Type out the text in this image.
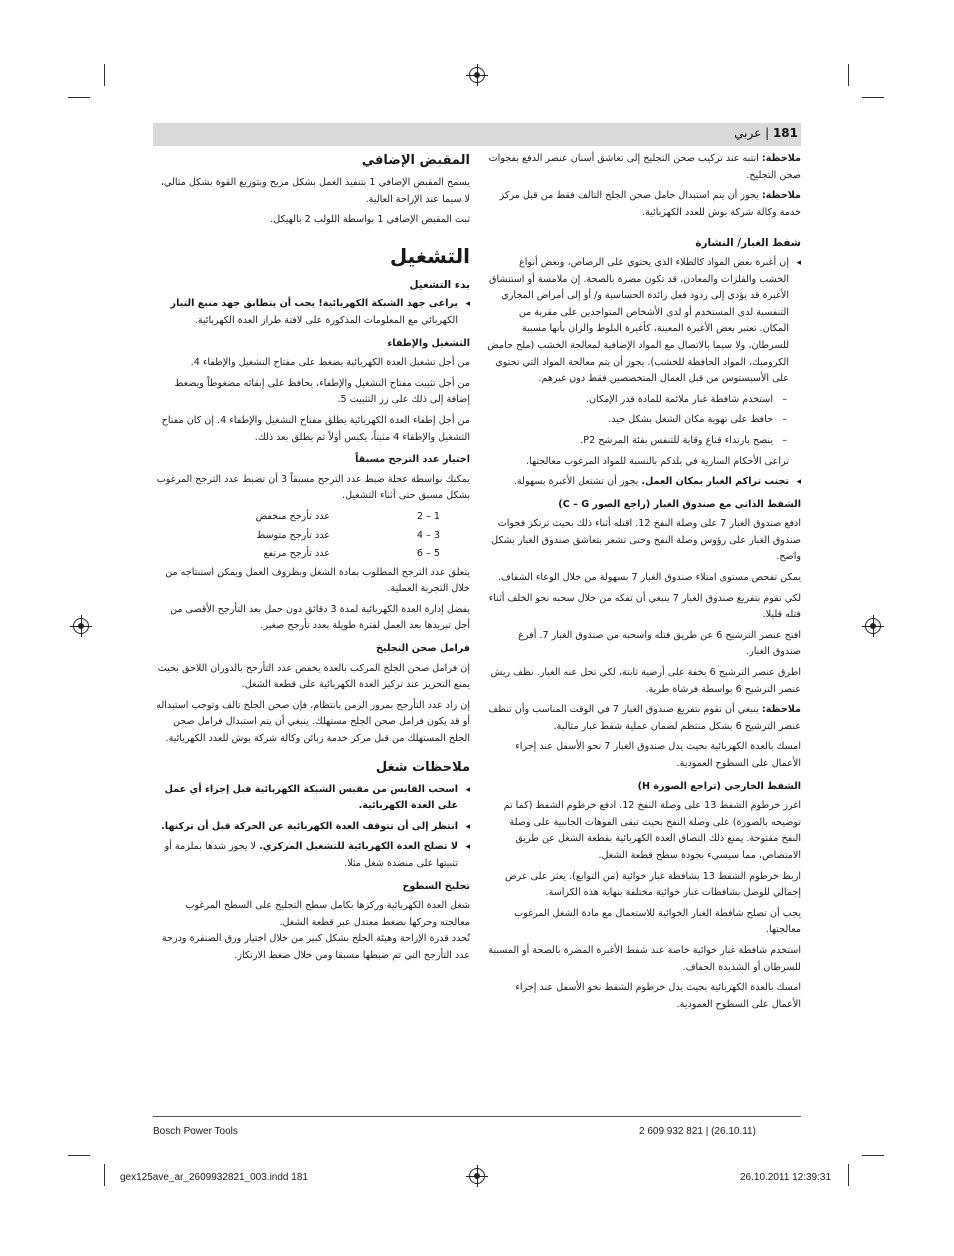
181 | عربي

ملاحظة: انتبه عند تركيب صحن التجليخ إلى تعاشق أسنان عنصر الدفع بفجوات صحن التجليخ.

ملاحظة: يجوز أن يتم استبدال حامل صحن الجلخ التالف فقط من قبل مركز خدمة وكالة شركة بوش للعدد الكهربائية.

شفط الغبار/ النشارة

◂ إن أغبرة بعض المواد كالطلاء الذي يحتوي على الرصاص، وبعض أنواع الخشب والفلزات والمعادن، قد تكون مضرة بالصحة. إن ملامسة أو استنشاق الأغبرة قد يؤدي إلى ردود فعل زائدة الحساسية و/ أو إلى أمراض المجاري التنفسية لدى المستخدم أو لدى الأشخاص المتواجدين على مقربة من المكان. تعتبر بعض الأغبرة المعينة، كأغبرة البلوط والزان بأنها مسببة للسرطان، ولا سيما بالاتصال مع المواد الإضافية لمعالجة الخشب (ملح حامض الكروميك، المواد الحافظة للخشب). يجوز أن يتم معالجة المواد التي تحتوي على الأسبستوس من قبل العمال المتخصصين فقط دون غيرهم.

– استخدم شافطة غبار ملائمة للمادة قدر الإمكان.

– حافظ على تهوية مكان الشغل بشكل جيد.

– ينصح بارتداء قناع وقاية للتنفس بفئة المرشح P2.

تراعى الأحكام السارية في بلدكم بالنسبة للمواد المرغوب معالجتها.

◂ تجنب تراكم الغبار بمكان العمل. يجوز أن تشتعل الأغبرة بسهولة.

الشفط الذاتي مع صندوق الغبار (راجع الصور C – G)

ادفع صندوق الغبار 7 على وصلة النفخ 12. اقتله أثناء ذلك بحيث ترتكز فجوات صندوق الغبار على رؤوس وصلة النفخ وحتى تشعر بتعاشق صندوق الغبار بشكل واضح.

يمكن تفحص مستوى امتلاء صندوق الغبار 7 بسهولة من خلال الوعاء الشفاف.

لكي تقوم بتفريغ صندوق الغبار 7 ينبغي أن تفكه من خلال سحبه نحو الخلف أثناء فتله قليلا.

افتح عنصر الترشيح 6 عن طريق فتله واسحبه من صندوق الغبار 7. أفرغ صندوق الغبار.

اطرق عنصر الترشيح 6 بخفة على أرضية ثابتة، لكي تحل عنه الغبار. نظف ريش عنصر الترشيح 6 بواسطة فرشاة طرية.

ملاحظة: ينبغي أن تقوم بتفريغ صندوق الغبار 7 في الوقت المناسب وأن تنظف عنصر الترشيح 6 بشكل منتظم لضمان عملية شفط غبار مثالية.

امسك بالعدة الكهربائية بحيث يدل صندوق الغبار 7 نحو الأسفل عند إجراء الأعمال على السطوح العمودية.

الشفط الخارجي (تراجع الصورة H)

اغرز خرطوم الشفط 13 على وصلة النفخ 12. ادفع خرطوم الشفط (كما تم توضيحه بالصورة) على وصلة النفخ بحيث تبقى الفوهات الجانبية على وصلة النفخ مفتوحة. يمنع ذلك التصاق العدة الكهربائية بقطعة الشغل عن طريق الامتصاص، مما سيسيء بجودة سطح قطعة الشغل.

اربط خرطوم الشفط 13 بشافطة غبار خوائية (من التوابع). يعثر على عرض إجمالي للوصل بشافطات غبار خوائية مختلفة بنهاية هذه الكراسة.

يجب أن تصلح شافطة الغبار الخوائية للاستعمال مع مادة الشغل المرغوب معالجتها.

استخدم شافطة غبار خوائية خاصة عند شفط الأغبرة المضرة بالصحة أو المسببة للسرطان أو الشديدة الجفاف.

امسك بالعدة الكهربائية بحيث يدل خرطوم الشفط نحو الأسفل عند إجراء الأعمال على السطوح العمودية.

المقبض الإضافي

يسمح المقبض الإضافي 1 بتنفيذ العمل بشكل مريح وبتوزيع القوة بشكل مثالي، لا سيما عند الإزاحة العالية.

ثبت المقبض الإضافي 1 بواسطة اللولب 2 بالهيكل.

التشغيل
بدء التشغيل

◂ يراعى جهد الشبكة الكهربائية! يجب أن يتطابق جهد منبع التيار الكهربائي مع المعلومات المذكورة على لافتة طراز العدة الكهربائية.

التشغيل والإطفاء

من أجل تشغيل العدة الكهربائية يضغط على مفتاح التشغيل والإطفاء 4.

من أجل تثبيت مفتاح التشغيل والإطفاء، يحافظ على إبقائه مضغوطاً ويضغط إضافة إلى ذلك على زر التثبيت 5.

من أجل إطفاء العدة الكهربائية يطلق مفتاح التشغيل والإطفاء 4. إن كان مفتاح التشغيل والإطفاء 4 مثبتاً، يكبس أولاً ثم يطلق بعد ذلك.

اختيار عدد الترجح مسبقاً

يمكنك بواسطة عجلة ضبط عدد الترجح مسبقاً 3 أن تضبط عدد الترجح المرغوب بشكل مسبق حتى أثناء التشغيل.

1 – 2
عدد تأرجح منخفض
3 – 4
عدد تأرجح متوسط
5 – 6
عدد تأرجح مرتفع

يتعلق عدد الترجح المطلوب بمادة الشغل وبظروف العمل ويمكن استنتاجه من خلال التجربة العملية.

يفضل إدارة العدة الكهربائية لمدة 3 دقائق دون حمل بعد التأرجح الأقصى من أجل تبريدها بعد العمل لفترة طويلة بعدد تأرجح صغير.

فرامل صحن التجليخ

إن فرامل صحن الجلخ المركب بالعدة يخفض عدد التأرجح بالدوران اللاحق بحيث يمنع التحزيز عند تركيز العدة الكهربائية على قطعة الشغل.

إن زاد عدد التأرجح بمرور الزمن بانتظام، فإن صحن الجلخ تالف وتوجب استبداله أو قد يكون فرامل صحن الجلخ مستهلك. ينبغي أن يتم استبدال فرامل صحن الجلخ المستهلك من قبل مركز خدمة زبائن وكالة شركة بوش للعدد الكهربائية.

ملاحظات شغل

◂ اسحب القابس من مقبس الشبكة الكهربائية قبل إجراء أي عمل على العدة الكهربائية.

◂ انتظر إلى أن تتوقف العدة الكهربائية عن الحركة قبل أن تركنها.

◂ لا تصلح العدة الكهربائية للتشغيل المركزي. لا يجوز شدها بملزمة أو تثبيتها على منضدة شغل مثلا.

تجليخ السطوح

شغل العدة الكهربائية وركزها بكامل سطح التجليخ على السطح المرغوب معالجته وحركها بضغط معتدل عبر قطعة الشغل.

تُحدد قدرة الإزاحة وهيئة الجلخ بشكل كبير من خلال اختيار ورق الصنفرة ودرجة عدد التأرجح التي تم ضبطها مسبقا ومن خلال ضغط الارتكاز.

Bosch Power Tools	2 609 932 821 | (26.10.11)
gex125ave_ar_2609932821_003.indd 181	26.10.2011 12:39:31
